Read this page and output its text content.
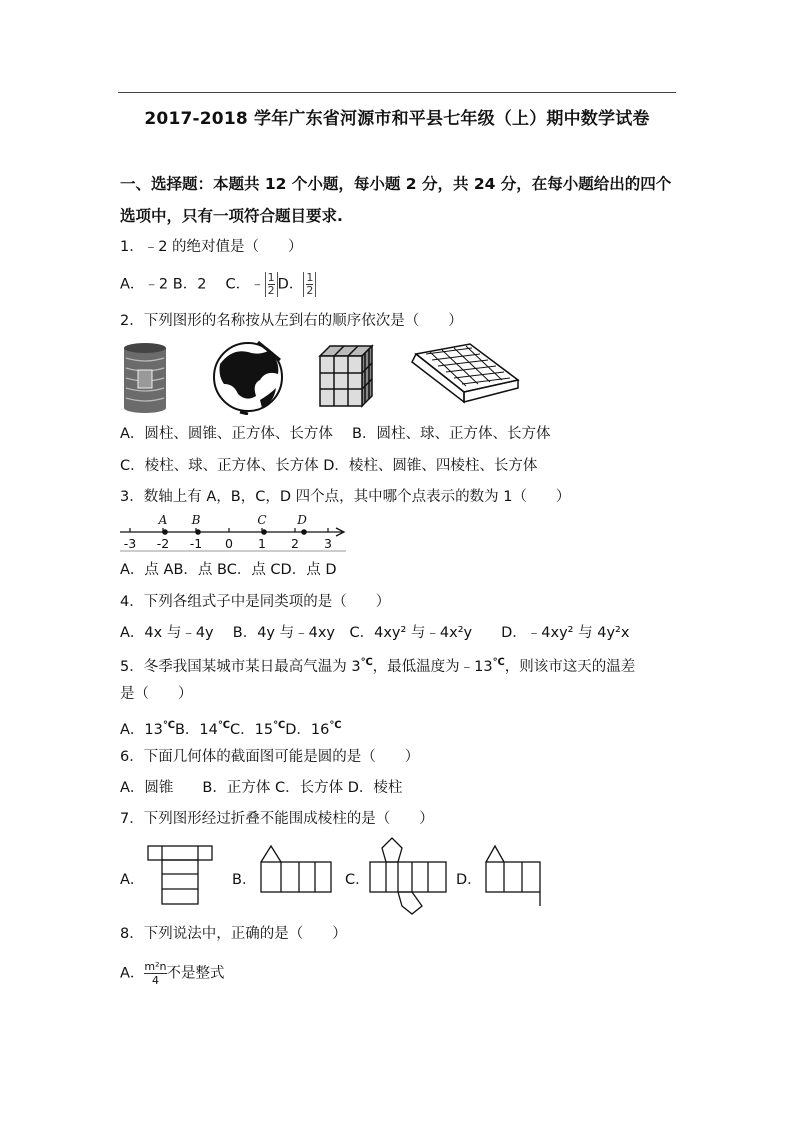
2017-2018 学年广东省河源市和平县七年级（上）期中数学试卷
一、选择题：本题共 12 个小题，每小题 2 分，共 24 分，在每小题给出的四个
选项中，只有一项符合题目要求.
1．﹣2 的绝对值是（　　）
A．﹣2 B．2　 C．﹣ $\frac{1}{2}$ D． $\frac{1}{2}$
2．下列图形的名称按从左到右的顺序依次是（　　）
A．圆柱、圆锥、正方体、长方体　 B．圆柱、球、正方体、长方体
C．棱柱、球、正方体、长方体 D．棱柱、圆锥、四棱柱、长方体
3．数轴上有 A，B，C，D 四个点，其中哪个点表示的数为 1（　　）
-3 -2 -1 0 1 2 3
A B	C	D
A．点 AB．点 BC．点 CD．点 D
4．下列各组式子中是同类项的是（　　）
A．4x 与﹣4y　 B．4y 与﹣4xy　C．4xy² 与﹣4x²y　　D．﹣4xy² 与 4y²x
5．冬季我国某城市某日最高气温为 3℃，最低温度为﹣13℃，则该市这天的温差
是（　　）
A．13℃B．14℃C．15℃D．16℃
6．下面几何体的截面图可能是圆的是（　　）
A．圆锥　　B．正方体 C．长方体 D．棱柱
7．下列图形经过折叠不能围成棱柱的是（　　）
A．	B．	C．	D．
8．下列说法中，正确的是（　　）
A． $\frac{\text{m²n}}{4}$ 不是整式
